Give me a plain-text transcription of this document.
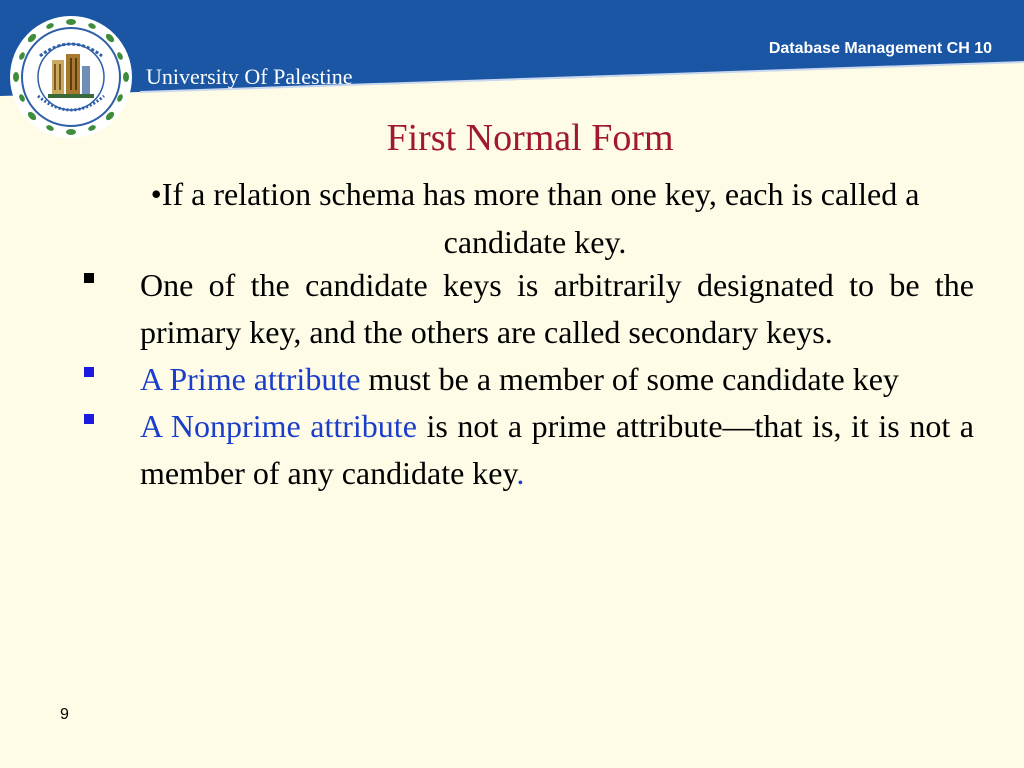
Database Management CH 10
University Of Palestine
First Normal Form
•If a relation schema has more than one key, each is called a candidate key.
One of the candidate keys is arbitrarily designated to be the primary key, and the others are called secondary keys.
A Prime attribute must be a member of some candidate key
A Nonprime attribute is not a prime attribute—that is, it is not a member of any candidate key.
9
